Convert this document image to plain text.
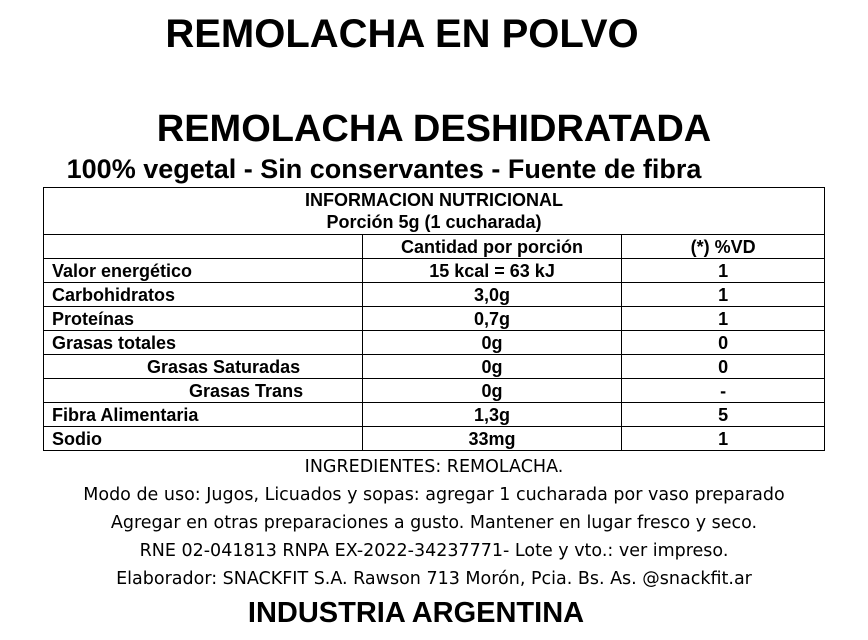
REMOLACHA EN POLVO
REMOLACHA DESHIDRATADA
100% vegetal - Sin conservantes - Fuente de fibra
INFORMACION NUTRICIONAL
Porción 5g (1 cucharada)		

	Cantidad por porción	(*) %VD
Valor energético	15 kcal = 63 kJ	1
Carbohidratos	3,0g	1
Proteínas	0,7g	1
Grasas totales	0g	0
Grasas Saturadas	0g	0
Grasas Trans	0g	-
Fibra Alimentaria	1,3g	5
Sodio	33mg	1
INGREDIENTES: REMOLACHA.
Modo de uso: Jugos, Licuados y sopas: agregar 1 cucharada por vaso preparado
Agregar en otras preparaciones a gusto. Mantener en lugar fresco y seco.
RNE 02-041813 RNPA EX-2022-34237771- Lote y vto.: ver impreso.
Elaborador: SNACKFIT S.A. Rawson 713 Morón, Pcia. Bs. As. @snackfit.ar
INDUSTRIA ARGENTINA
